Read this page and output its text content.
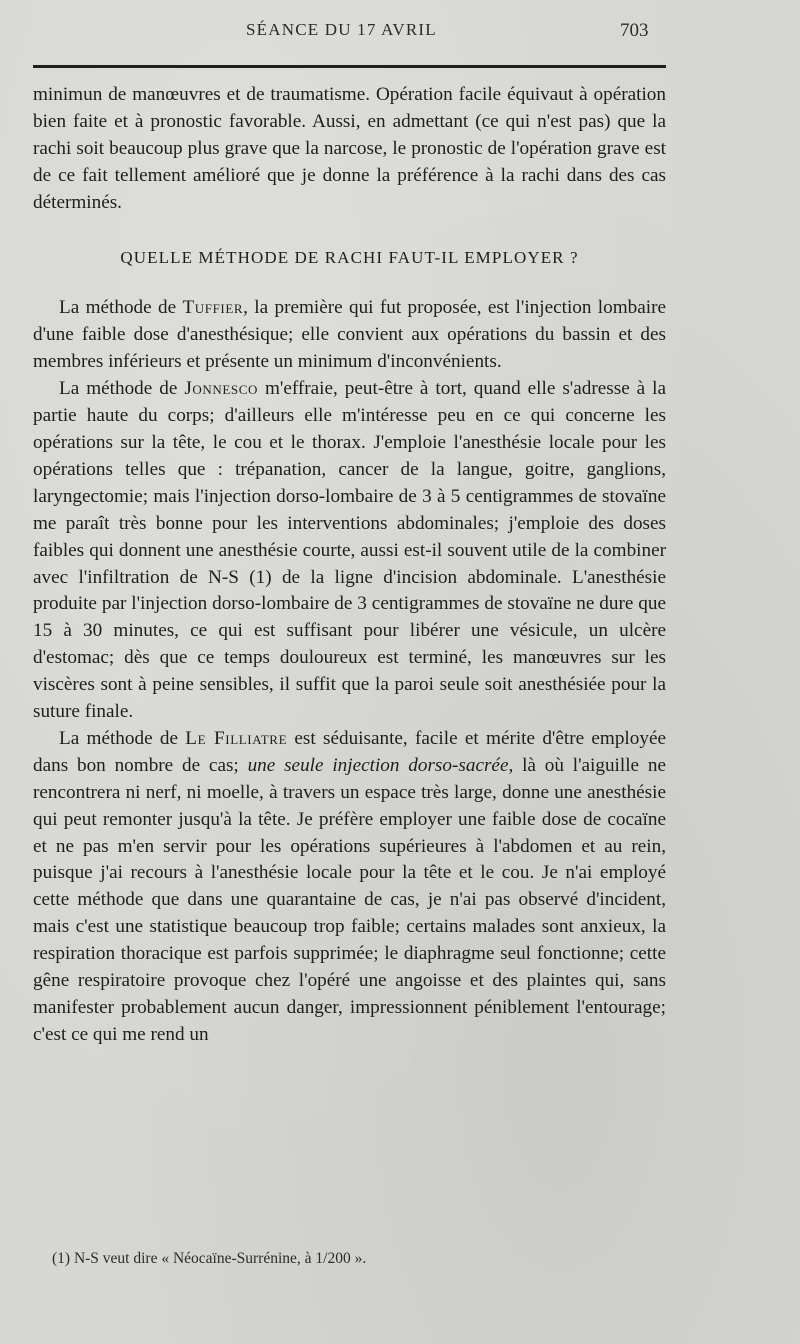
SÉANCE DU 17 AVRIL	703

minimun de manœuvres et de traumatisme. Opération facile équivaut à opération bien faite et à pronostic favorable. Aussi, en admettant (ce qui n'est pas) que la rachi soit beaucoup plus grave que la narcose, le pronostic de l'opération grave est de ce fait tellement amélioré que je donne la préférence à la rachi dans des cas déterminés.

QUELLE MÉTHODE DE RACHI FAUT-IL EMPLOYER ?

La méthode de Tuffier, la première qui fut proposée, est l'injection lombaire d'une faible dose d'anesthésique; elle convient aux opérations du bassin et des membres inférieurs et présente un minimum d'inconvénients.

La méthode de Jonnesco m'effraie, peut-être à tort, quand elle s'adresse à la partie haute du corps; d'ailleurs elle m'intéresse peu en ce qui concerne les opérations sur la tête, le cou et le thorax. J'emploie l'anesthésie locale pour les opérations telles que : trépanation, cancer de la langue, goitre, ganglions, laryngectomie; mais l'injection dorso-lombaire de 3 à 5 centigrammes de stovaïne me paraît très bonne pour les interventions abdominales; j'emploie des doses faibles qui donnent une anesthésie courte, aussi est-il souvent utile de la combiner avec l'infiltration de N-S (1) de la ligne d'incision abdominale. L'anesthésie produite par l'injection dorso-lombaire de 3 centigrammes de stovaïne ne dure que 15 à 30 minutes, ce qui est suffisant pour libérer une vésicule, un ulcère d'estomac; dès que ce temps douloureux est terminé, les manœuvres sur les viscères sont à peine sensibles, il suffit que la paroi seule soit anesthésiée pour la suture finale.

La méthode de Le Filliatre est séduisante, facile et mérite d'être employée dans bon nombre de cas; une seule injection dorso-sacrée, là où l'aiguille ne rencontrera ni nerf, ni moelle, à travers un espace très large, donne une anesthésie qui peut remonter jusqu'à la tête. Je préfère employer une faible dose de cocaïne et ne pas m'en servir pour les opérations supérieures à l'abdomen et au rein, puisque j'ai recours à l'anesthésie locale pour la tête et le cou. Je n'ai employé cette méthode que dans une quarantaine de cas, je n'ai pas observé d'incident, mais c'est une statistique beaucoup trop faible; certains malades sont anxieux, la respiration thoracique est parfois supprimée; le diaphragme seul fonctionne; cette gêne respiratoire provoque chez l'opéré une angoisse et des plaintes qui, sans manifester probablement aucun danger, impressionnent péniblement l'entourage; c'est ce qui me rend un

(1) N-S veut dire « Néocaïne-Surrénine, à 1/200 ».
